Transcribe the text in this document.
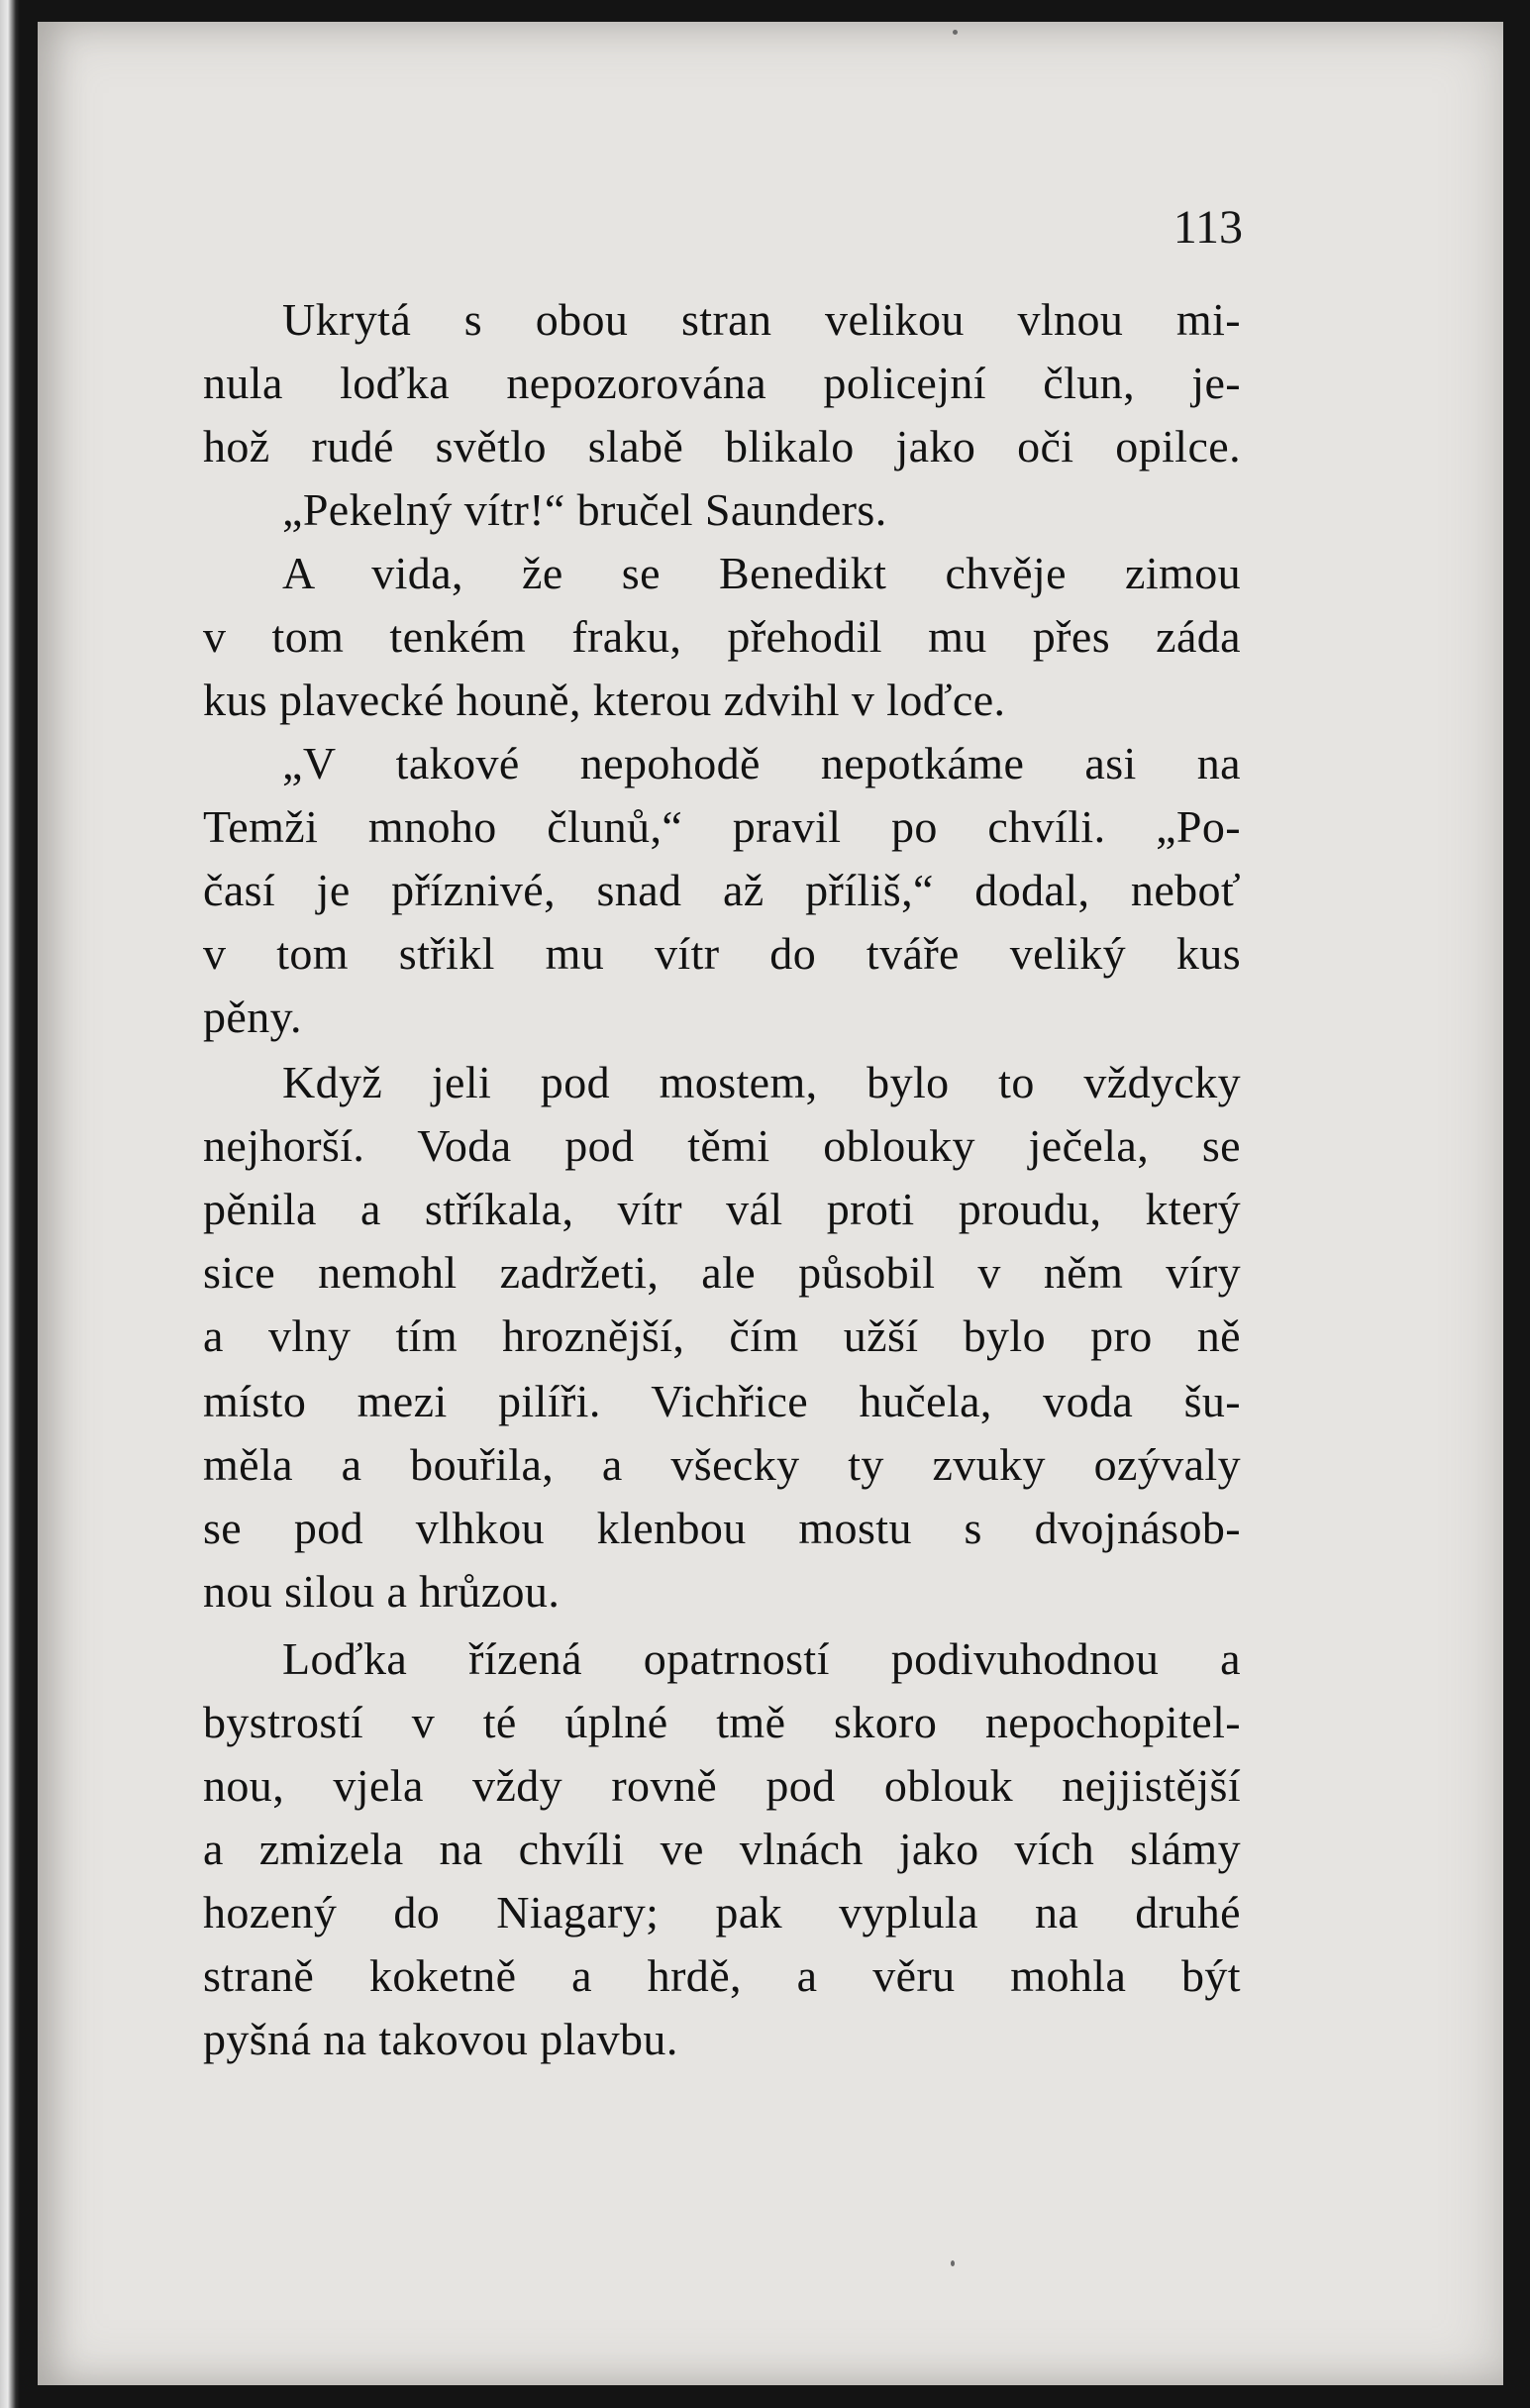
113
Ukrytá s obou stran velikou vlnou mi-
nula loďka nepozorována policejní člun, je-
hož rudé světlo slabě blikalo jako oči opilce.
„Pekelný vítr!“ bručel Saunders.
A vida, že se Benedikt chvěje zimou
v tom tenkém fraku, přehodil mu přes záda
kus plavecké houně, kterou zdvihl v loďce.
„V takové nepohodě nepotkáme asi na
Temži mnoho člunů,“ pravil po chvíli. „Po-
časí je příznivé, snad až příliš,“ dodal, neboť
v tom střikl mu vítr do tváře veliký kus
pěny.
Když jeli pod mostem, bylo to vždycky
nejhorší. Voda pod těmi oblouky ječela, se
pěnila a stříkala, vítr vál proti proudu, který
sice nemohl zadržeti, ale působil v něm víry
a vlny tím hroznější, čím užší bylo pro ně
místo mezi pilíři. Vichřice hučela, voda šu-
měla a bouřila, a všecky ty zvuky ozývaly
se pod vlhkou klenbou mostu s dvojnásob-
nou silou a hrůzou.
Loďka řízená opatrností podivuhodnou a
bystrostí v té úplné tmě skoro nepochopitel-
nou, vjela vždy rovně pod oblouk nejjistější
a zmizela na chvíli ve vlnách jako vích slámy
hozený do Niagary; pak vyplula na druhé
straně koketně a hrdě, a věru mohla být
pyšná na takovou plavbu.
